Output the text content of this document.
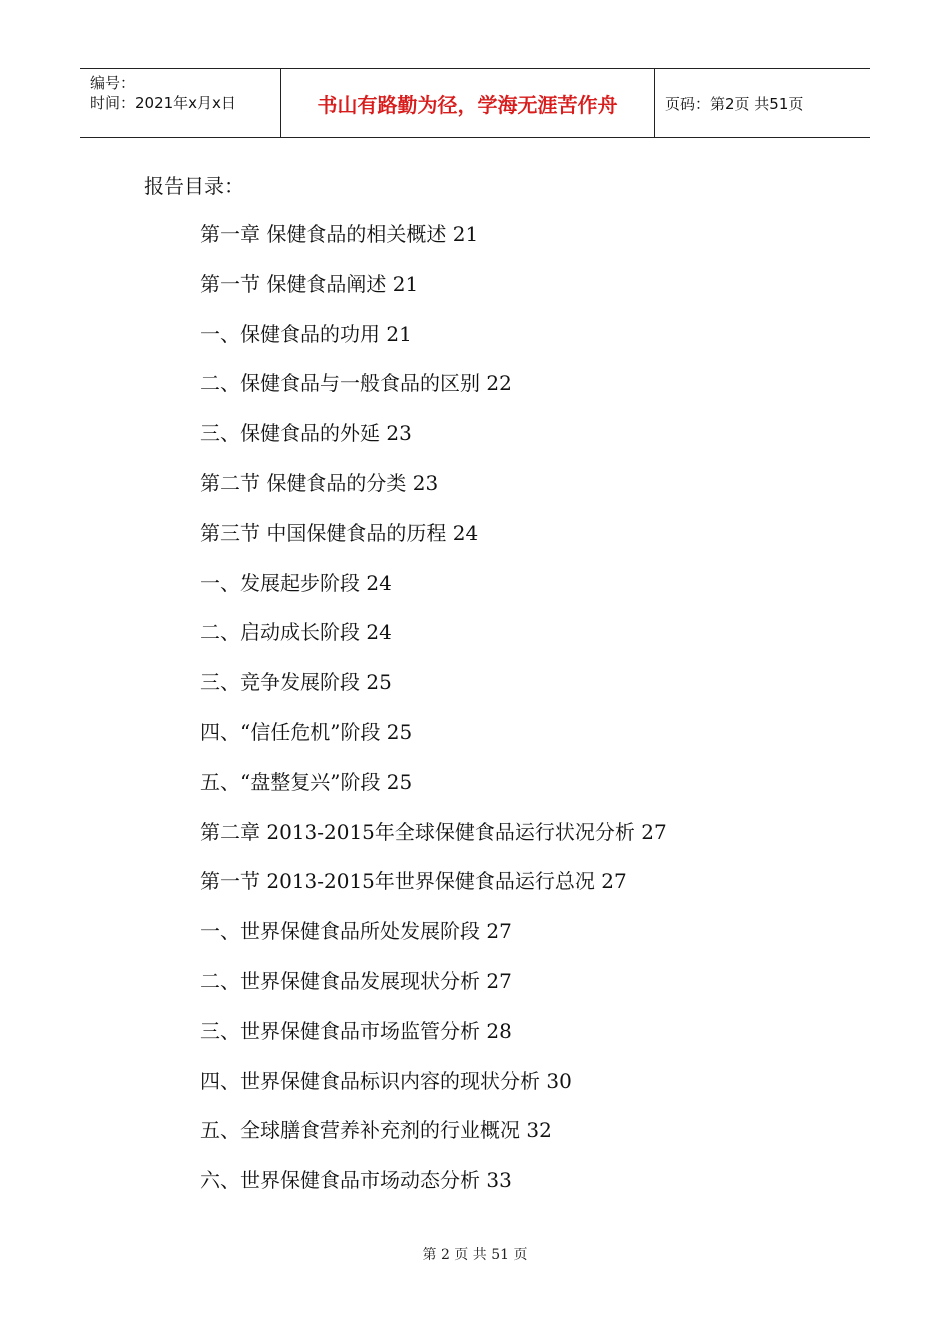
编号：
时间：2021年x月x日	书山有路勤为径，学海无涯苦作舟	页码：第2页 共51页
报告目录：
第一章 保健食品的相关概述 21
第一节 保健食品阐述 21
一、保健食品的功用 21
二、保健食品与一般食品的区别 22
三、保健食品的外延 23
第二节 保健食品的分类 23
第三节 中国保健食品的历程 24
一、发展起步阶段 24
二、启动成长阶段 24
三、竞争发展阶段 25
四、“信任危机”阶段 25
五、“盘整复兴”阶段 25
第二章 2013-2015年全球保健食品运行状况分析 27
第一节 2013-2015年世界保健食品运行总况 27
一、世界保健食品所处发展阶段 27
二、世界保健食品发展现状分析 27
三、世界保健食品市场监管分析 28
四、世界保健食品标识内容的现状分析 30
五、全球膳食营养补充剂的行业概况 32
六、世界保健食品市场动态分析 33
第 2 页 共 51 页
